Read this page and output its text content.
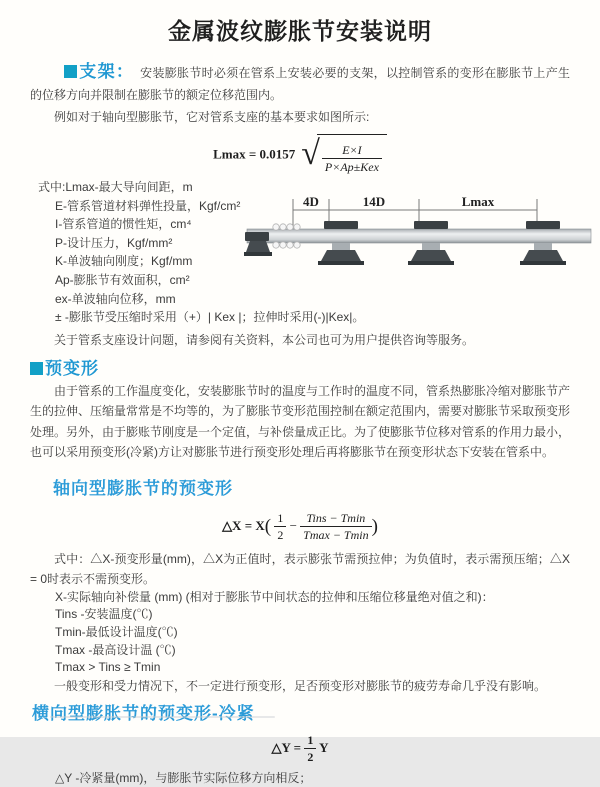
金属波纹膨胀节安装说明

支架： 安装膨胀节时必须在管系上安装必要的支架，以控制管系的变形在膨胀节上产生的位移方向并限制在膨胀节的额定位移范围内。

例如对于轴向型膨胀节，它对管系支座的基本要求如图所示:

Lmax = 0.0157 √ $\frac{E\times I}{\text{P×Ap±Kex}}$
式中:Lmax-最大导向间距，m
E-管系管道材料弹性投量，Kgf/cm²
I-管系管道的惯性矩，cm⁴
P-设计压力，Kgf/mm²
K-单波轴向刚度；Kgf/mm
Ap-膨胀节有效面积，cm²
ex-单波轴向位移，mm
± -膨胀节受压缩时采用（+）| Kex |；拉伸时采用(-)|Kex|。

关于管系支座设计问题，请参阅有关资料，本公司也可为用户提供咨询等服务。

预变形

由于管系的工作温度变化，安装膨胀节时的温度与工作时的温度不同，管系热膨胀冷缩对膨胀节产生的拉伸、压缩量常常是不均等的，为了膨胀节变形范围控制在额定范围内，需要对膨胀节采取预变形处理。另外，由于膨账节刚度是一个定值，与补偿量成正比。为了使膨胀节位移对管系的作用力最小，也可以采用预变形(冷紧)方让对膨胀节进行预变形处理后再将膨胀节在预变形状态下安装在管系中。

轴向型膨胀节的预变形
△X = $X( \frac{1}{2} - \frac{\text{Tins − Tmin}}{Tmax - Tmin}$ )

式中：△X-预变形量(mm)，△X为正值时，表示膨张节需预拉伸；为负值时，表示需预压缩；△X = 0时表示不需预变形。

X-实际轴向补偿量 (mm) (相对于膨胀节中间状态的拉伸和压缩位移量绝对值之和)：
Tins -安装温度(℃)
Tmin-最低设计温度(℃)
Tmax -最高设计温 (℃)
Tmax > Tins ≥ Tmin

一般变形和受力情况下，不一定进行预变形，足否预变形对膨胀节的疲劳寿命几乎没有影响。

横向型膨胀节的预变形-冷紧
△Y = $\frac{1}{2}$ Y

△Y -冷紧量(mm)，与膨胀节实际位移方向相反；

4D	14D	Lmax
